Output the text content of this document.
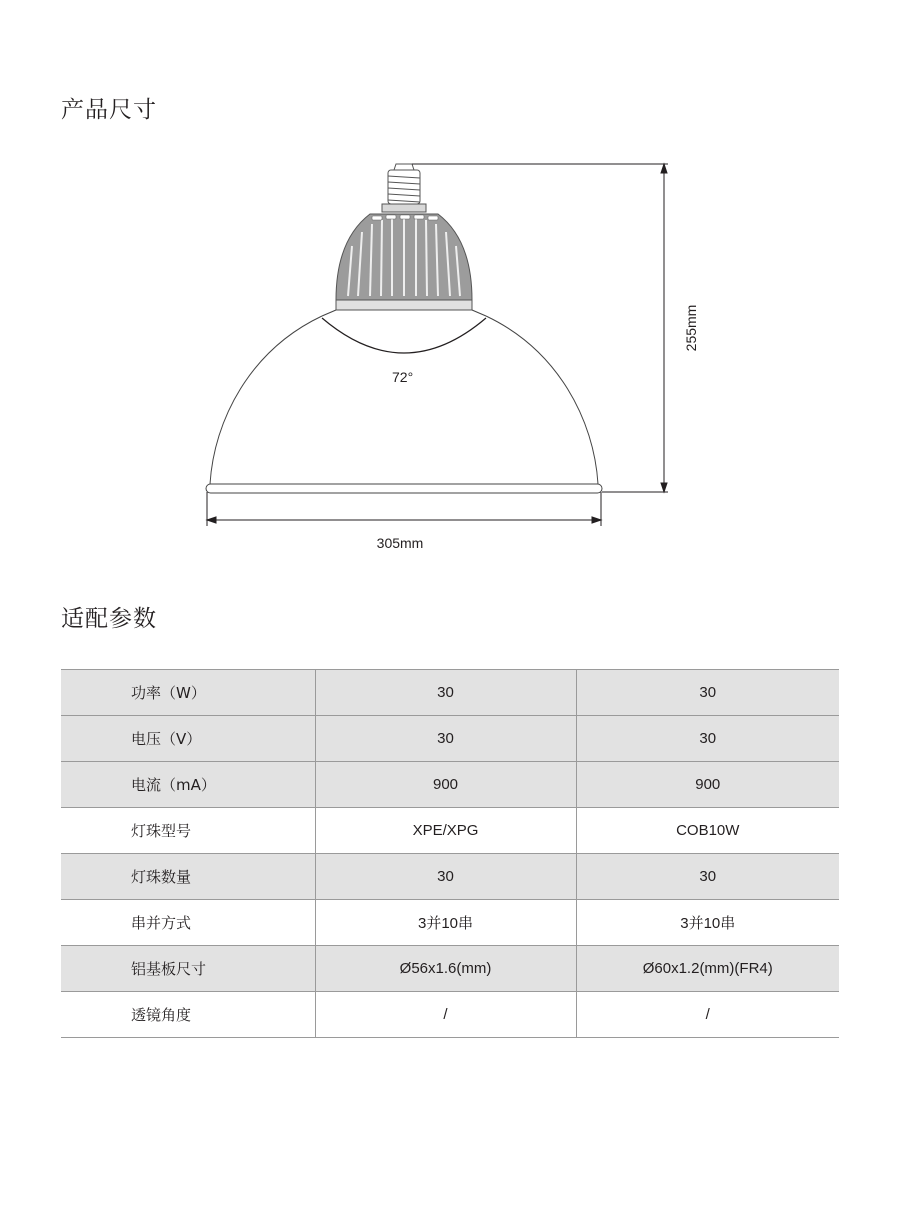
产品尺寸
72°
255mm
305mm
适配参数
功率（W）	30	30
电压（V）	30	30
电流（mA）	900	900
灯珠型号	XPE/XPG	COB10W
灯珠数量	30	30
串并方式	3并10串	3并10串
铝基板尺寸	Ø56x1.6(mm)	Ø60x1.2(mm)(FR4)
透镜角度	/	/
